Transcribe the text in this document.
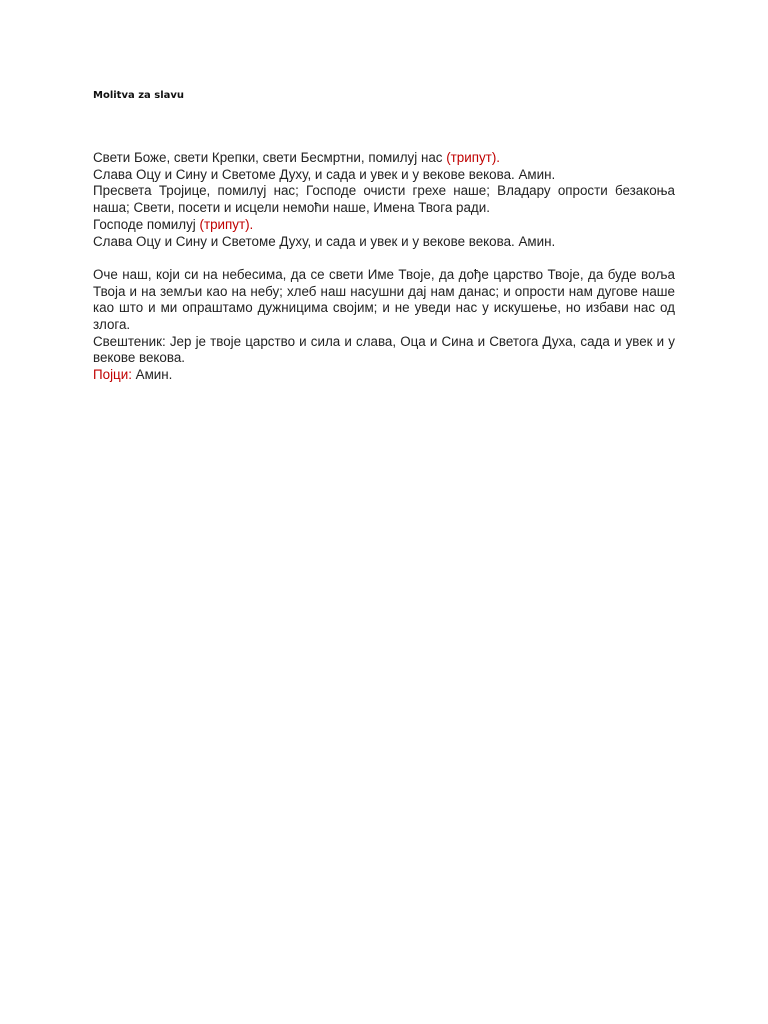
Molitva za slavu

Свети Боже, свети Крепки, свети Бесмртни, помилуј нас (трипут).
Слава Оцу и Сину и Светоме Духу, и сада и увек и у векове векова. Амин.
Пресвета Тројице, помилуј нас; Господе очисти грехе наше; Владару опрости безакоња наша; Свети, посети и исцели немоћи наше, Имена Твога ради.
Господе помилуј (трипут).
Слава Оцу и Сину и Светоме Духу, и сада и увек и у векове векова. Амин.
Оче наш, који си на небесима, да се свети Име Твоје, да дође царство Твоје, да буде воља Твоја и на земљи као на небу; хлеб наш насушни дај нам данас; и опрости нам дугове наше као што и ми опраштамо дужницима својим; и не уведи нас у искушење, но избави нас од злога.
Свештеник: Јер је твоје царство и сила и слава, Оца и Сина и Светога Духа, сада и увек и у векове векова.
Појци: Амин.
